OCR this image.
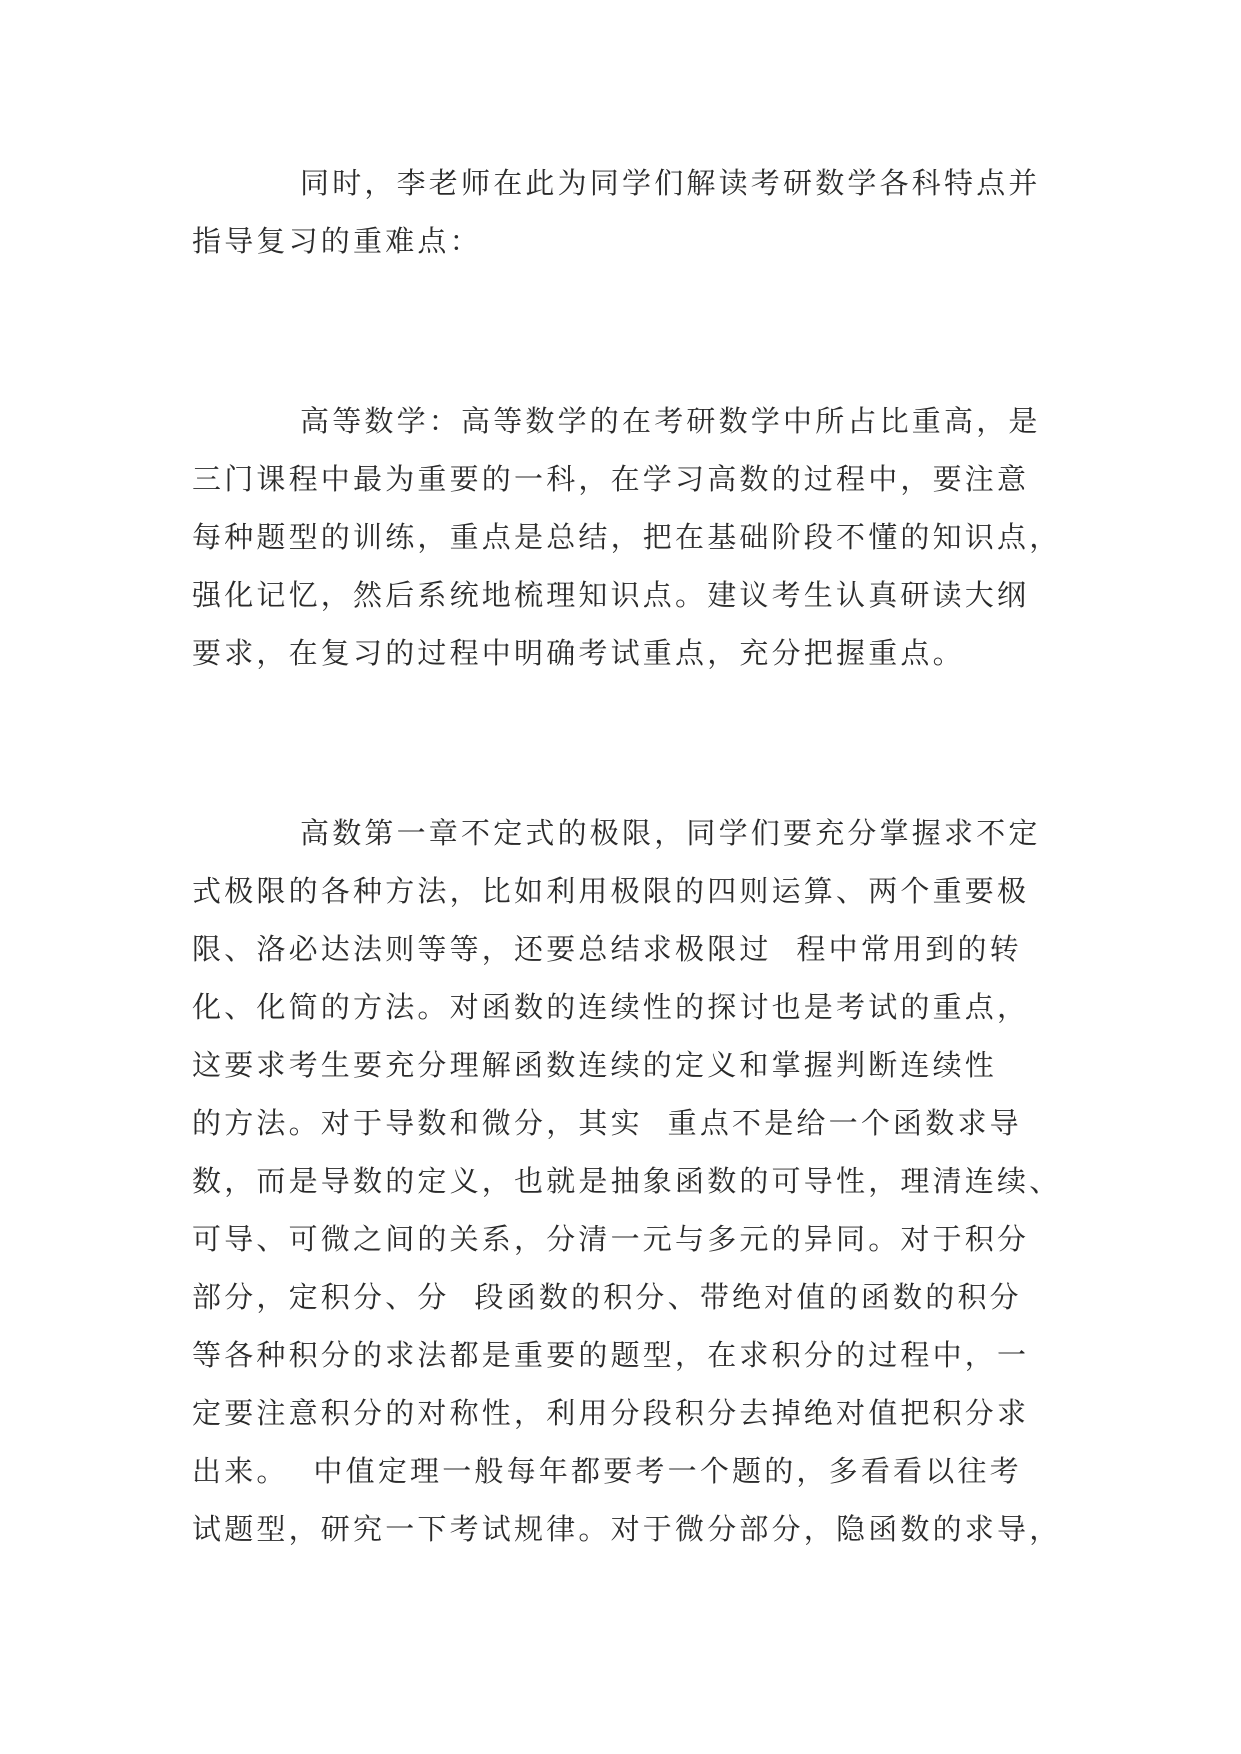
同时，李老师在此为同学们解读考研数学各科特点并
指导复习的重难点：
高等数学：高等数学的在考研数学中所占比重高，是
三门课程中最为重要的一科，在学习高数的过程中，要注意
每种题型的训练，重点是总结，把在基础阶段不懂的知识点，
强化记忆，然后系统地梳理知识点。建议考生认真研读大纲
要求，在复习的过程中明确考试重点，充分把握重点。
高数第一章不定式的极限，同学们要充分掌握求不定
式极限的各种方法，比如利用极限的四则运算、两个重要极
限、洛必达法则等等，还要总结求极限过  程中常用到的转
化、化简的方法。对函数的连续性的探讨也是考试的重点，
这要求考生要充分理解函数连续的定义和掌握判断连续性
的方法。对于导数和微分，其实  重点不是给一个函数求导
数，而是导数的定义，也就是抽象函数的可导性，理清连续、
可导、可微之间的关系，分清一元与多元的异同。对于积分
部分，定积分、分  段函数的积分、带绝对值的函数的积分
等各种积分的求法都是重要的题型，在求积分的过程中，一
定要注意积分的对称性，利用分段积分去掉绝对值把积分求
出来。  中值定理一般每年都要考一个题的，多看看以往考
试题型，研究一下考试规律。对于微分部分，隐函数的求导，
